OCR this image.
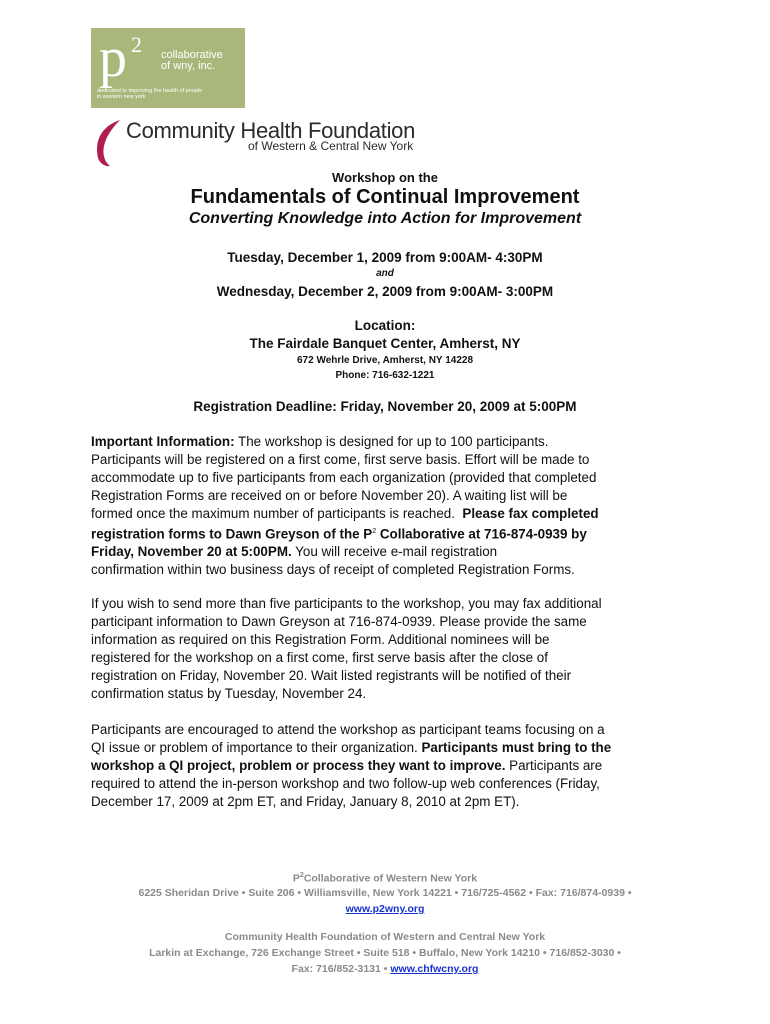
p 2 collaborative
of wny, inc.
dedicated to improving the health of people
in western new york
Community Health Foundation
of Western & Central New York
Workshop on the
Fundamentals of Continual Improvement
Converting Knowledge into Action for Improvement
Tuesday, December 1, 2009 from 9:00AM- 4:30PM
and
Wednesday, December 2, 2009 from 9:00AM- 3:00PM
Location:
The Fairdale Banquet Center, Amherst, NY
672 Wehrle Drive, Amherst, NY 14228
Phone: 716-632-1221
Registration Deadline: Friday, November 20, 2009 at 5:00PM
Important Information: The workshop is designed for up to 100 participants.
Participants will be registered on a first come, first serve basis. Effort will be made to
accommodate up to five participants from each organization (provided that completed
Registration Forms are received on or before November 20). A waiting list will be
formed once the maximum number of participants is reached.  Please fax completed
registration forms to Dawn Greyson of the $P^2$ Collaborative at 716-874-0939 by
Friday, November 20 at 5:00PM. You will receive e-mail registration
confirmation within two business days of receipt of completed Registration Forms.
If you wish to send more than five participants to the workshop, you may fax additional
participant information to Dawn Greyson at 716-874-0939. Please provide the same
information as required on this Registration Form. Additional nominees will be
registered for the workshop on a first come, first serve basis after the close of
registration on Friday, November 20. Wait listed registrants will be notified of their
confirmation status by Tuesday, November 24.
Participants are encouraged to attend the workshop as participant teams focusing on a
QI issue or problem of importance to their organization. Participants must bring to the
workshop a QI project, problem or process they want to improve. Participants are
required to attend the in-person workshop and two follow-up web conferences (Friday,
December 17, 2009 at 2pm ET, and Friday, January 8, 2010 at 2pm ET).
$P^2Collaborative$ of Western New York
6225 Sheridan Drive • Suite 206 • Williamsville, New York 14221 • 716/725-4562 • Fax: 716/874-0939 •
www.p2wny.org
Community Health Foundation of Western and Central New York
Larkin at Exchange, 726 Exchange Street • Suite 518 • Buffalo, New York 14210 • 716/852-3030 •
Fax: 716/852-3131 • www.chfwcny.org
